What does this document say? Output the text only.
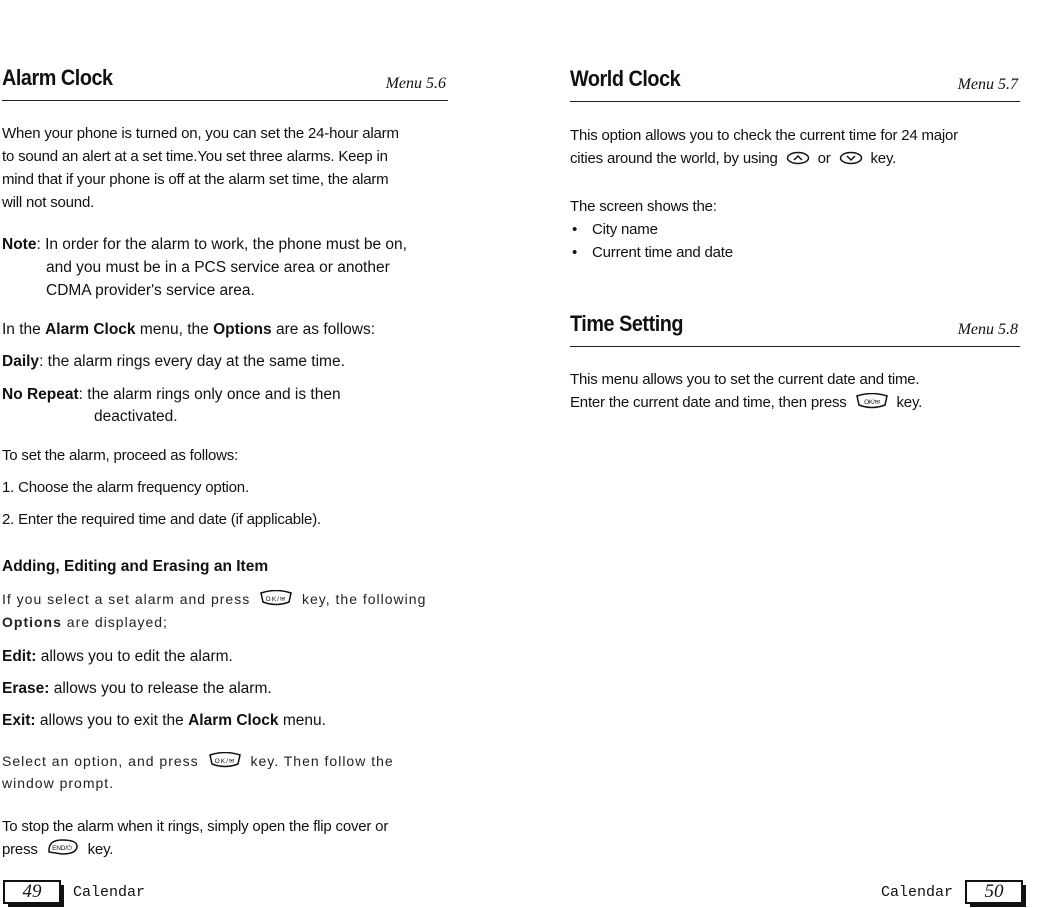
Alarm Clock	Menu 5.6
When your phone is turned on, you can set the 24-hour alarm
to sound an alert at a set time.You set three alarms. Keep in
mind that if your phone is off at the alarm set time, the alarm
will not sound.
Note: In order for the alarm to work, the phone must be on,
and you must be in a PCS service area or another
CDMA provider's service area.
In the Alarm Clock menu, the Options are as follows:
Daily: the alarm rings every day at the same time.
No Repeat: the alarm rings only once and is then
deactivated.
To set the alarm, proceed as follows:
1. Choose the alarm frequency option.
2. Enter the required time and date (if applicable).
Adding, Editing and Erasing an Item
If you select a set alarm and press OK/✉ key, the following
Options are displayed;
Edit: allows you to edit the alarm.
Erase: allows you to release the alarm.
Exit: allows you to exit the Alarm Clock menu.
Select an option, and press OK/✉ key. Then follow the
window prompt.
To stop the alarm when it rings, simply open the flip cover or
press END/⏻ key.
49	Calendar
World Clock	Menu 5.7
This option allows you to check the current time for 24 major
cities around the world, by using	or	key.
The screen shows the:
• City name
• Current time and date
Time Setting	Menu 5.8
This menu allows you to set the current date and time.
Enter the current date and time, then press	OK/✉ key.
Calendar	50
